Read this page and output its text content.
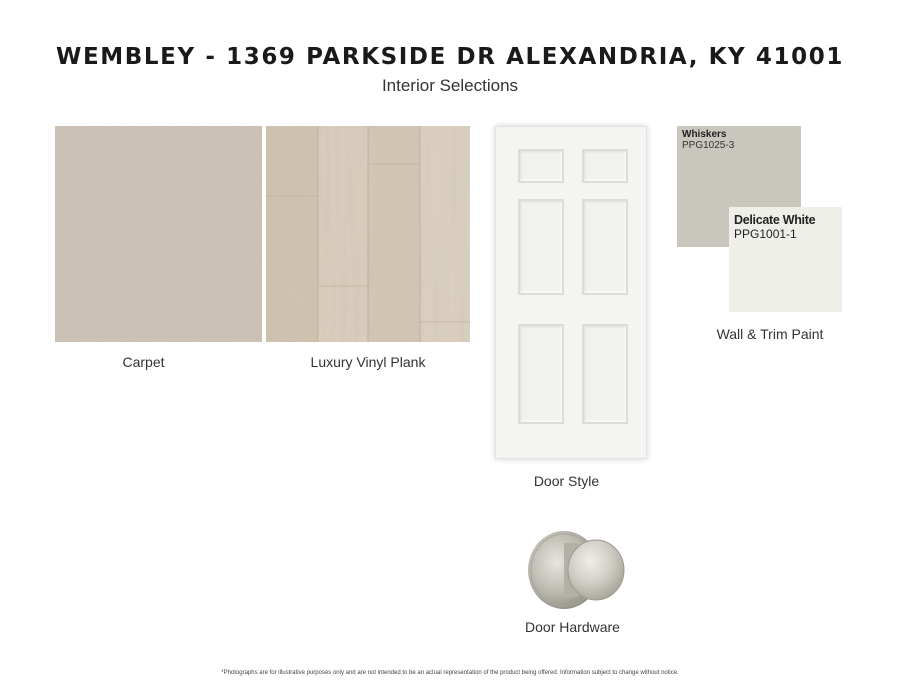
WEMBLEY - 1369 PARKSIDE DR ALEXANDRIA, KY 41001
Interior Selections
Carpet	Luxury Vinyl Plank
Door Style
Whiskers
PPG1025-3
Delicate White
PPG1001-1
Wall & Trim Paint
Door Hardware
*Photographs are for illustrative purposes only and are not intended to be an actual representation of the product being offered. Information subject to change without notice.
